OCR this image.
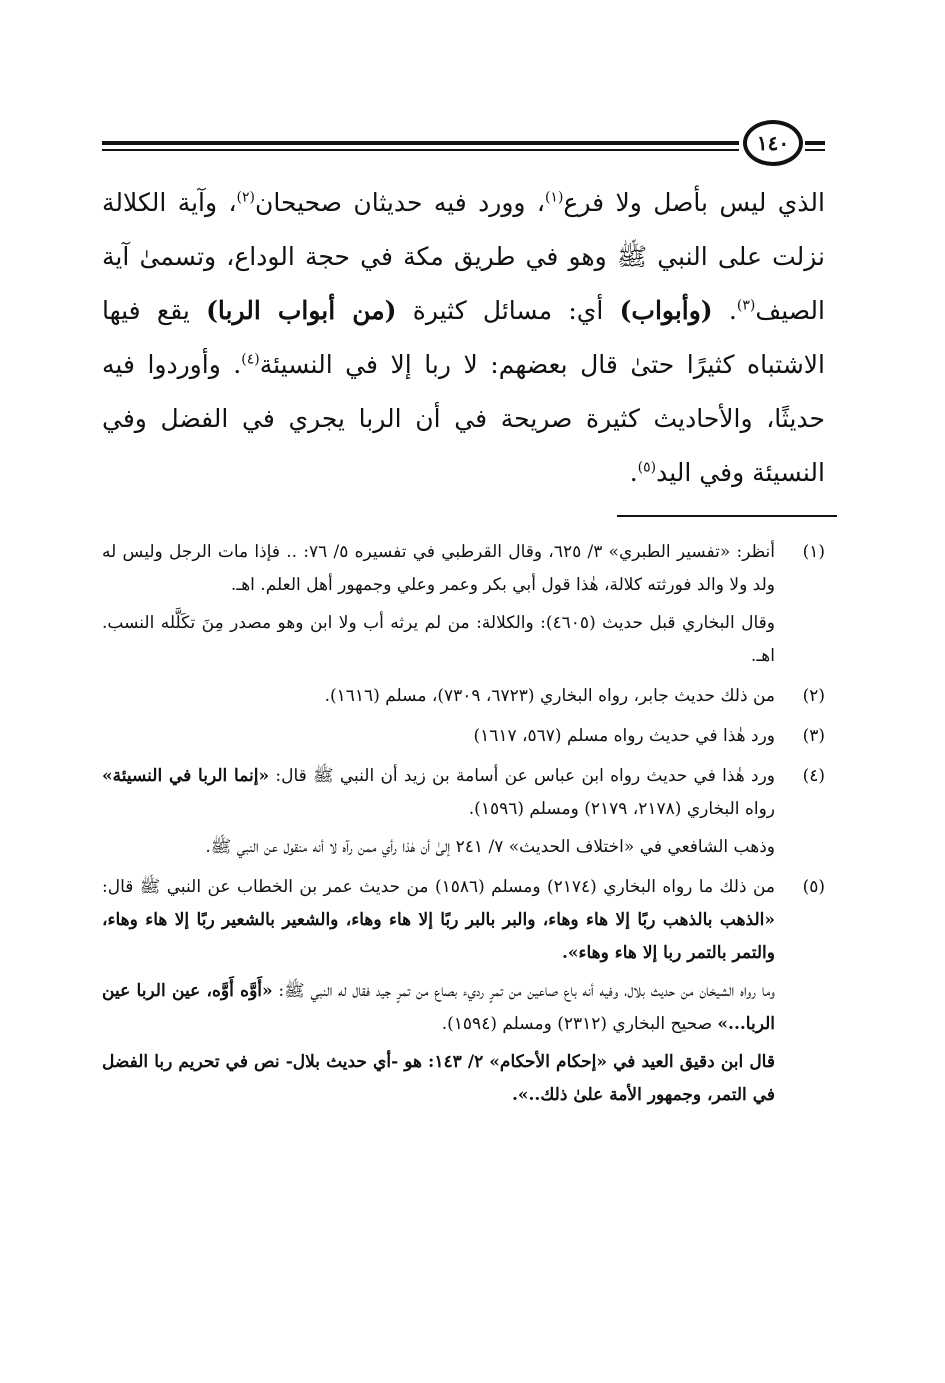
١٤٠

الذي ليس بأصل ولا فرع$^{(١)}$، وورد فيه حديثان صحيحان$^{(٢)}$، وآية الكلالة نزلت على النبي ﷺ وهو في طريق مكة في حجة الوداع، وتسمىٰ آية الصيف$^{(٣)}$. (وأبواب) أي: مسائل كثيرة (من أبواب الربا) يقع فيها الاشتباه كثيرًا حتىٰ قال بعضهم: لا ربا إلا في النسيئة$^{(٤)}$. وأوردوا فيه حديثًا، والأحاديث كثيرة صريحة في أن الربا يجري في الفضل وفي النسيئة وفي اليد$^{(٥)}$.

(١)

أنظر: «تفسير الطبري» ٣/ ٦٢٥، وقال القرطبي في تفسيره ٥/ ٧٦: .. فإذا مات الرجل وليس له ولد ولا والد فورثته كلالة، هٰذا قول أبي بكر وعمر وعلي وجمهور أهل العلم. اهـ.

وقال البخاري قبل حديث (٤٦٠٥): والكلالة: من لم يرثه أب ولا ابن وهو مصدر مِنَ تكَلَّله النسب. اهـ.

(٢)

من ذلك حديث جابر، رواه البخاري (٦٧٢٣، ٧٣٠٩)، مسلم (١٦١٦).

(٣)

ورد هٰذا في حديث رواه مسلم (٥٦٧، ١٦١٧)

(٤)

ورد هٰذا في حديث رواه ابن عباس عن أسامة بن زيد أن النبي ﷺ قال: «إنما الربا في النسيئة» رواه البخاري (٢١٧٨، ٢١٧٩) ومسلم (١٥٩٦).

وذهب الشافعي في «اختلاف الحديث» ٧/ ٢٤١ إلىٰ أن هٰذا رأي ممن رآه لا أنه منقول عن النبي ﷺ.

(٥)

من ذلك ما رواه البخاري (٢١٧٤) ومسلم (١٥٨٦) من حديث عمر بن الخطاب عن النبي ﷺ قال: «الذهب بالذهب ربًا إلا هاء وهاء، والبر بالبر ربًا إلا هاء وهاء، والشعير بالشعير ربًا إلا هاء وهاء، والتمر بالتمر ربا إلا هاء وهاء».

وما رواه الشيخان من حديث بلال، وفيه أنه باع صاعين من تمرٍ رديء بصاع من تمرٍ جيد فقال له النبي ﷺ: «أَوَّه أَوَّه، عين الربا عين الربا...» صحيح البخاري (٢٣١٢) ومسلم (١٥٩٤).

قال ابن دقيق العيد في «إحكام الأحكام» ٢/ ١٤٣: هو -أي حديث بلال- نص في تحريم ربا الفضل في التمر، وجمهور الأمة علىٰ ذلك..».
